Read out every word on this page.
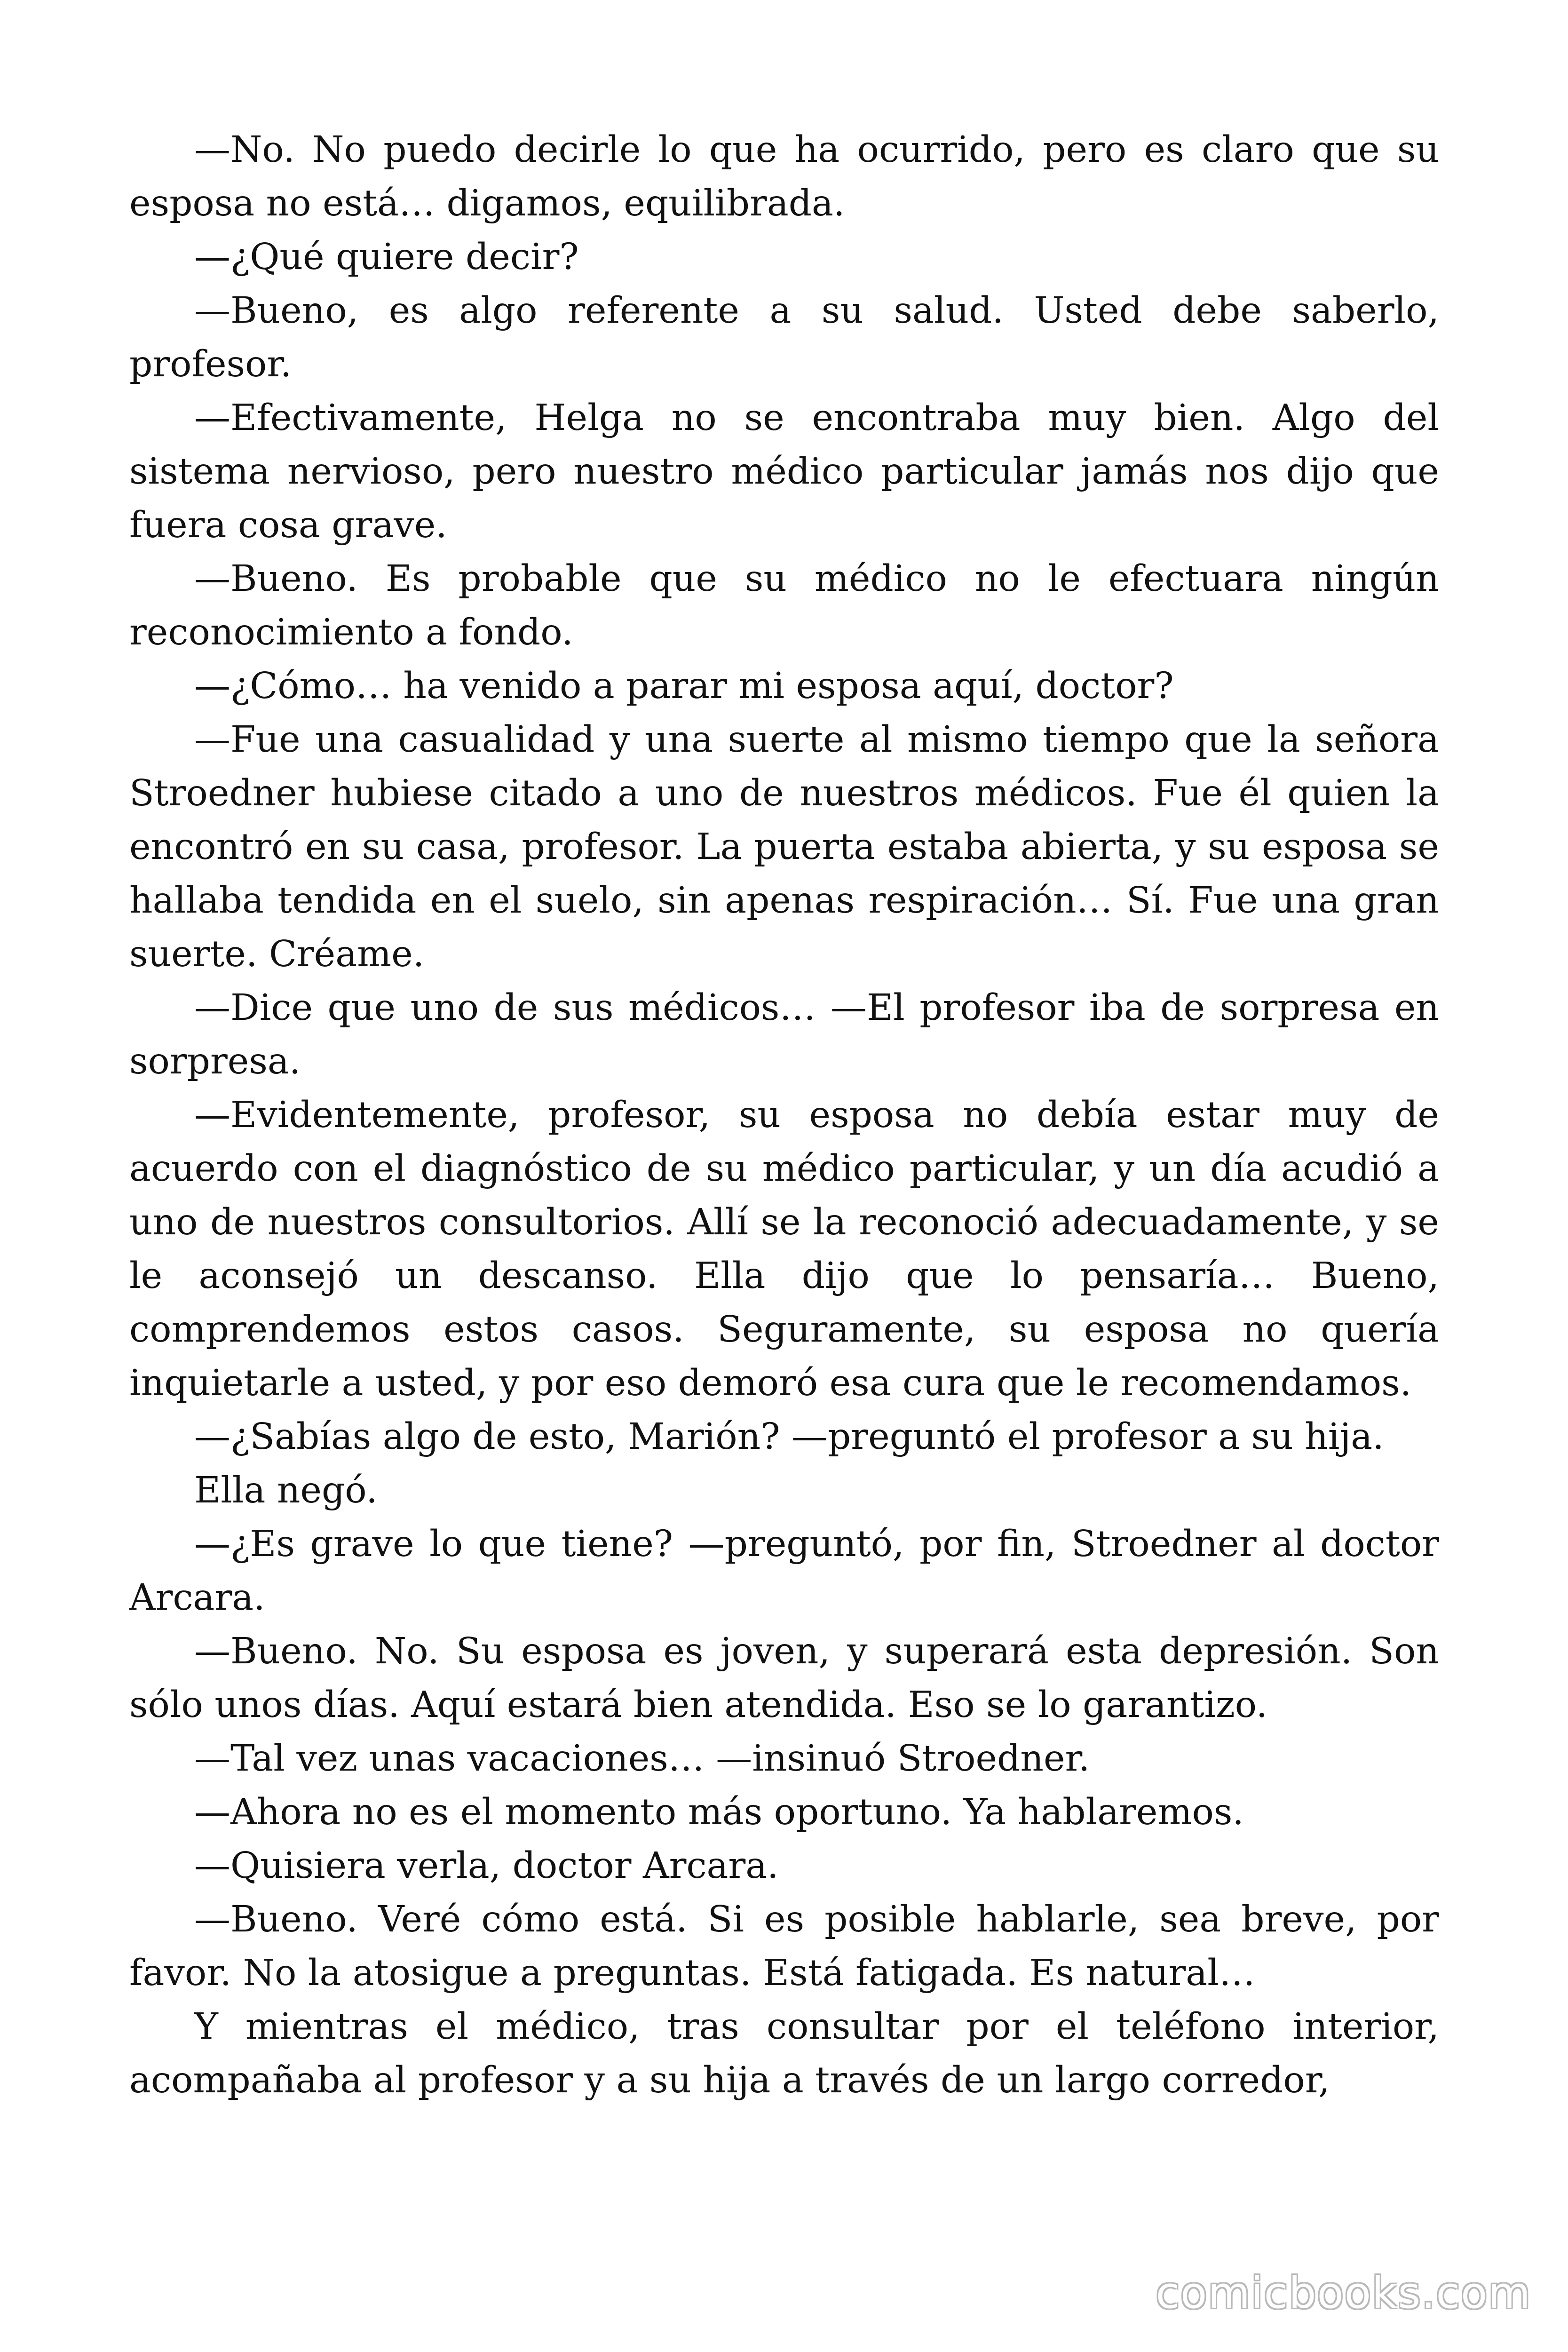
—No. No puedo decirle lo que ha ocurrido, pero es claro que su esposa no está… digamos, equilibrada.

—¿Qué quiere decir?

—Bueno, es algo referente a su salud. Usted debe saberlo, profesor.

—Efectivamente, Helga no se encontraba muy bien. Algo del sistema nervioso, pero nuestro médico particular jamás nos dijo que fuera cosa grave.

—Bueno. Es probable que su médico no le efectuara ningún reconocimiento a fondo.

—¿Cómo… ha venido a parar mi esposa aquí, doctor?

—Fue una casualidad y una suerte al mismo tiempo que la señora Stroedner hubiese citado a uno de nuestros médicos. Fue él quien la encontró en su casa, profesor. La puerta estaba abierta, y su esposa se hallaba tendida en el suelo, sin apenas respiración… Sí. Fue una gran suerte. Créame.

—Dice que uno de sus médicos… —El profesor iba de sorpresa en sorpresa.

—Evidentemente, profesor, su esposa no debía estar muy de acuerdo con el diagnóstico de su médico particular, y un día acudió a uno de nuestros consultorios. Allí se la reconoció adecuadamente, y se le aconsejó un descanso. Ella dijo que lo pensaría… Bueno, comprendemos estos casos. Seguramente, su esposa no quería inquietarle a usted, y por eso demoró esa cura que le recomendamos.

—¿Sabías algo de esto, Marión? —preguntó el profesor a su hija.

Ella negó.

—¿Es grave lo que tiene? —preguntó, por fin, Stroedner al doctor Arcara.

—Bueno. No. Su esposa es joven, y superará esta depresión. Son sólo unos días. Aquí estará bien atendida. Eso se lo garantizo.

—Tal vez unas vacaciones… —insinuó Stroedner.

—Ahora no es el momento más oportuno. Ya hablaremos.

—Quisiera verla, doctor Arcara.

—Bueno. Veré cómo está. Si es posible hablarle, sea breve, por favor. No la atosigue a preguntas. Está fatigada. Es natural…

Y mientras el médico, tras consultar por el teléfono interior, acompañaba al profesor y a su hija a través de un largo corredor,

comicbooks.com
